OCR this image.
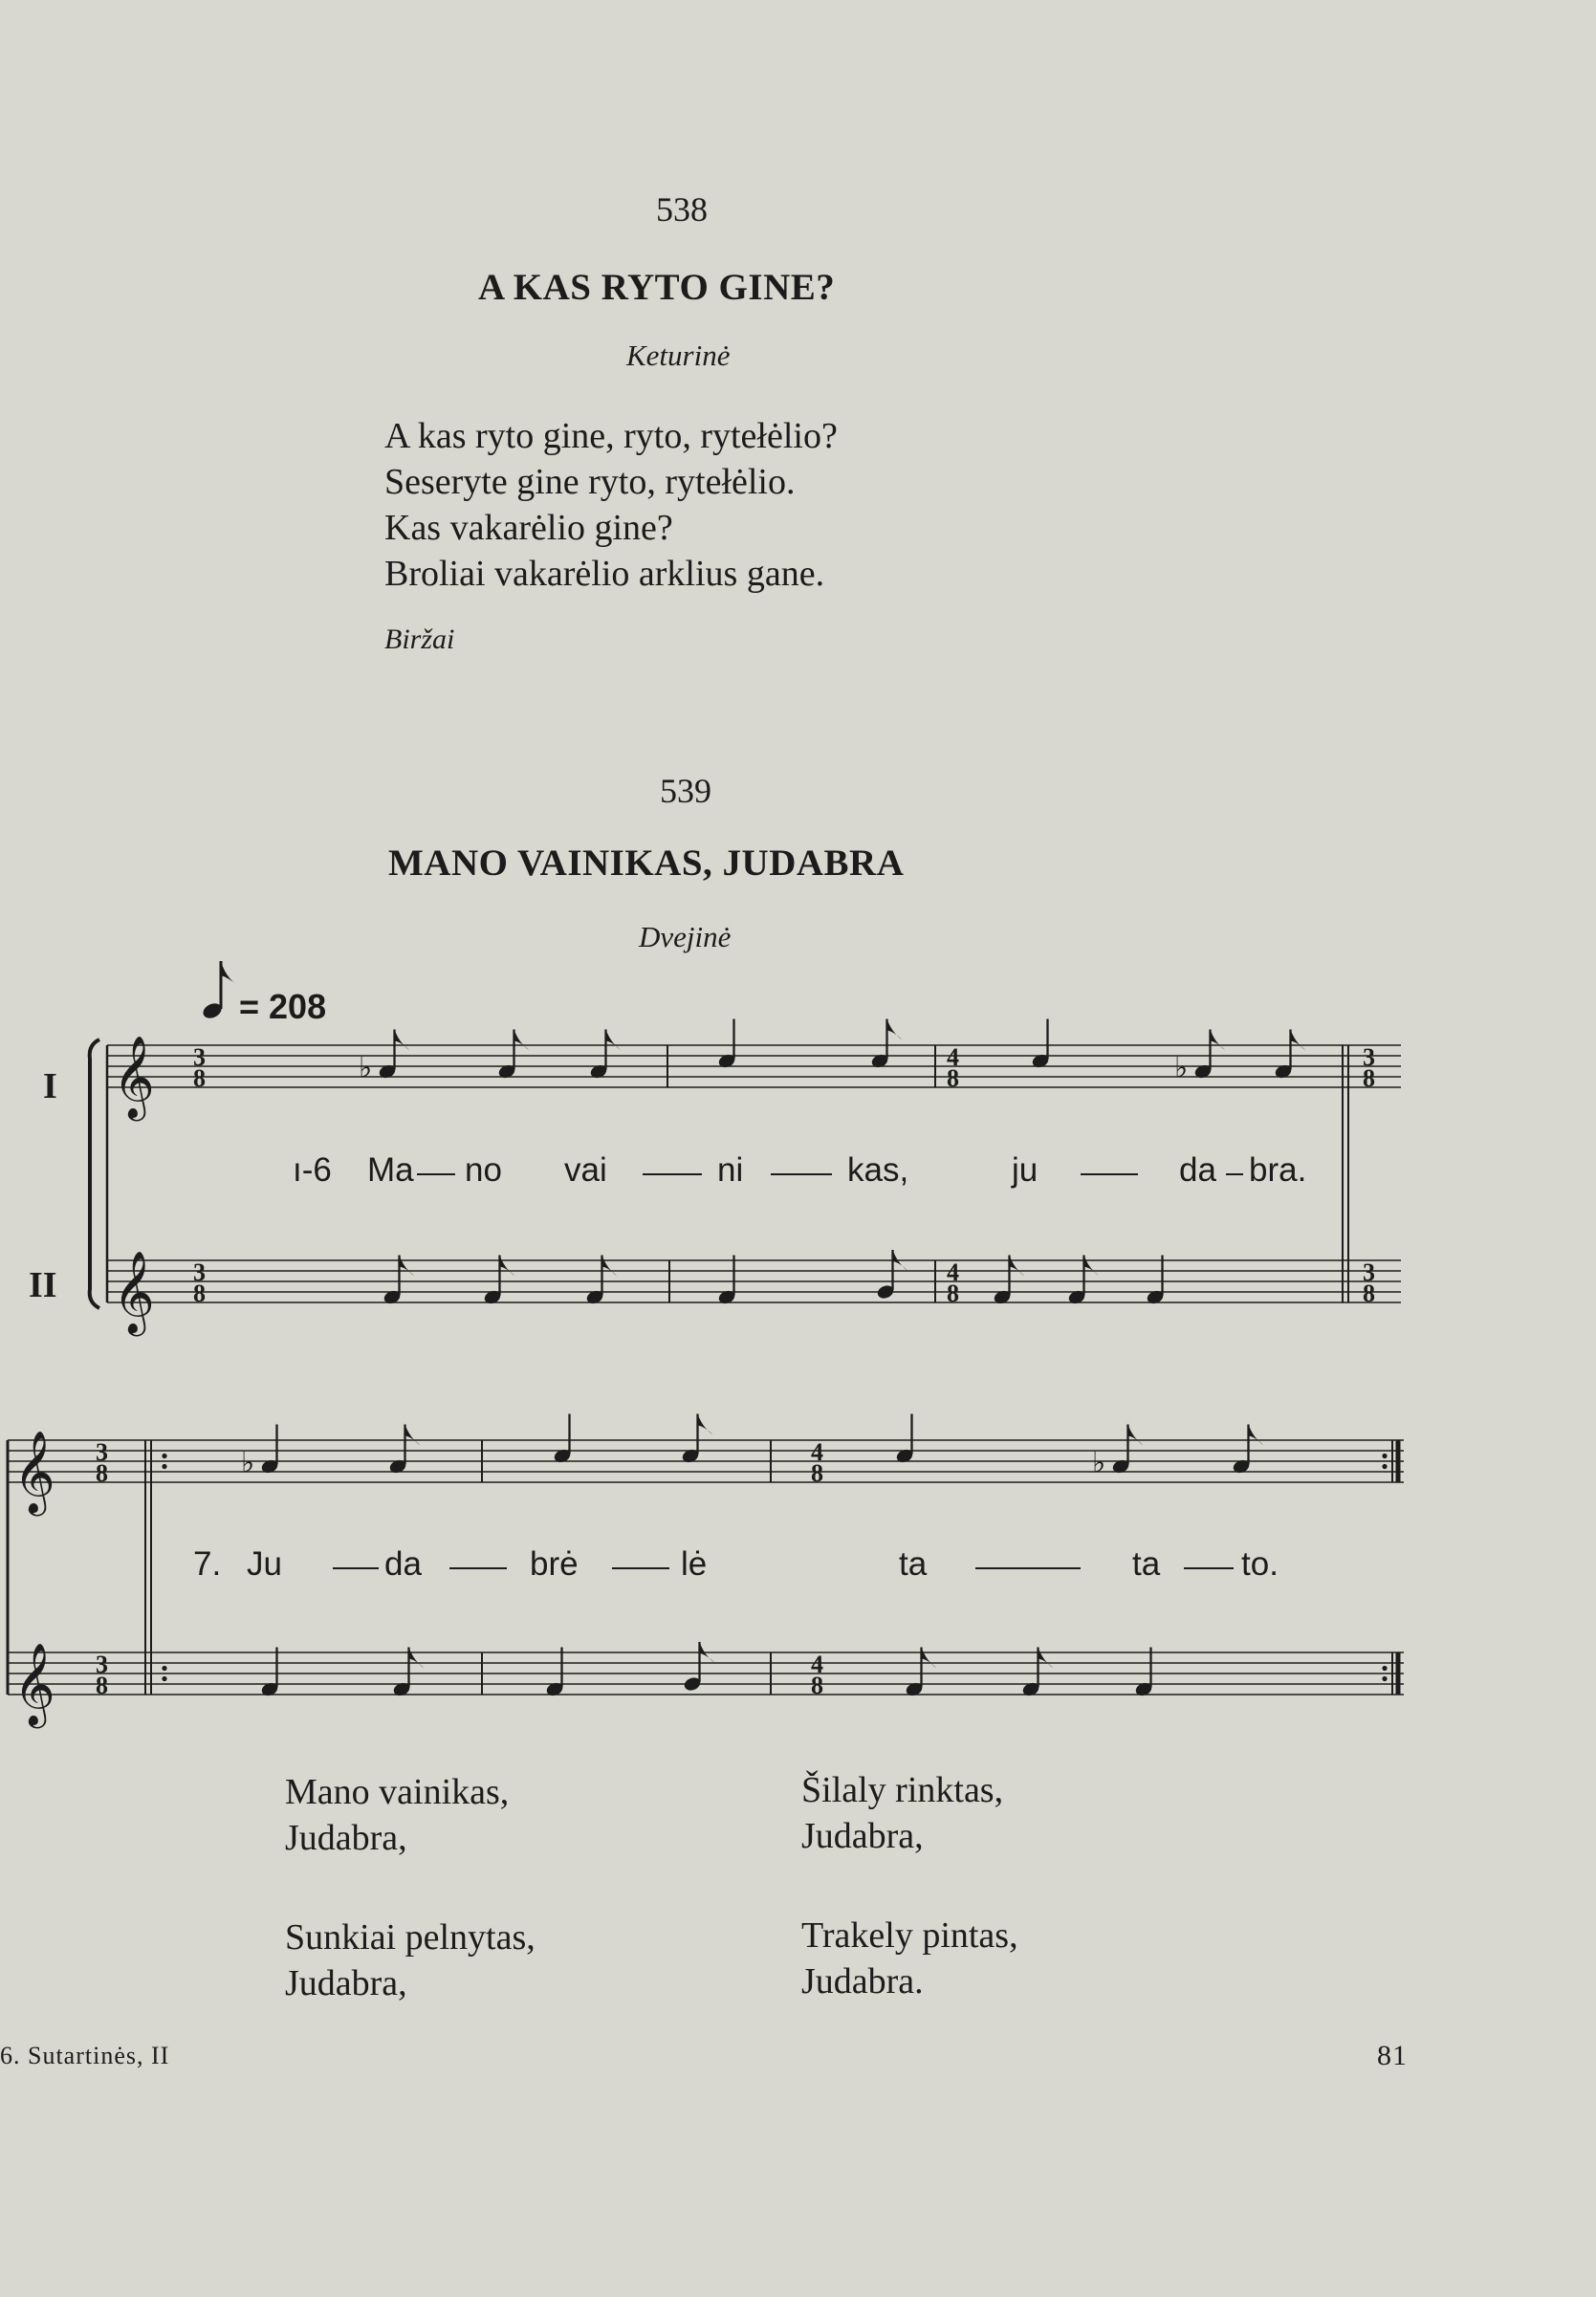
538
A KAS RYTO GINE?
Keturinė
A kas ryto gine, ryto, rytełėlio?
Seseryte gine ryto, rytełėlio.
Kas vakarėlio gine?
Broliai vakarėlio arklius gane.
Biržai
539
MANO VAINIKAS, JUDABRA
Dvejinė
= 208
I
II
𝄞 3
8
𝄞 3
8
♭	4
8	♭	3
8
4
8
3
8
𝄞 3
8
𝄞 3
8
♭	4
8	♭
4
8
ı-6 Ma no vai	ni	kas,	ju	da bra.
7. Ju	da	brė	lė	ta	ta to.
Mano vainikas,
Judabra,
Šilaly rinktas,
Judabra,
Sunkiai pelnytas,
Judabra,
Trakely pintas,
Judabra.
6. Sutartinės, II	81
